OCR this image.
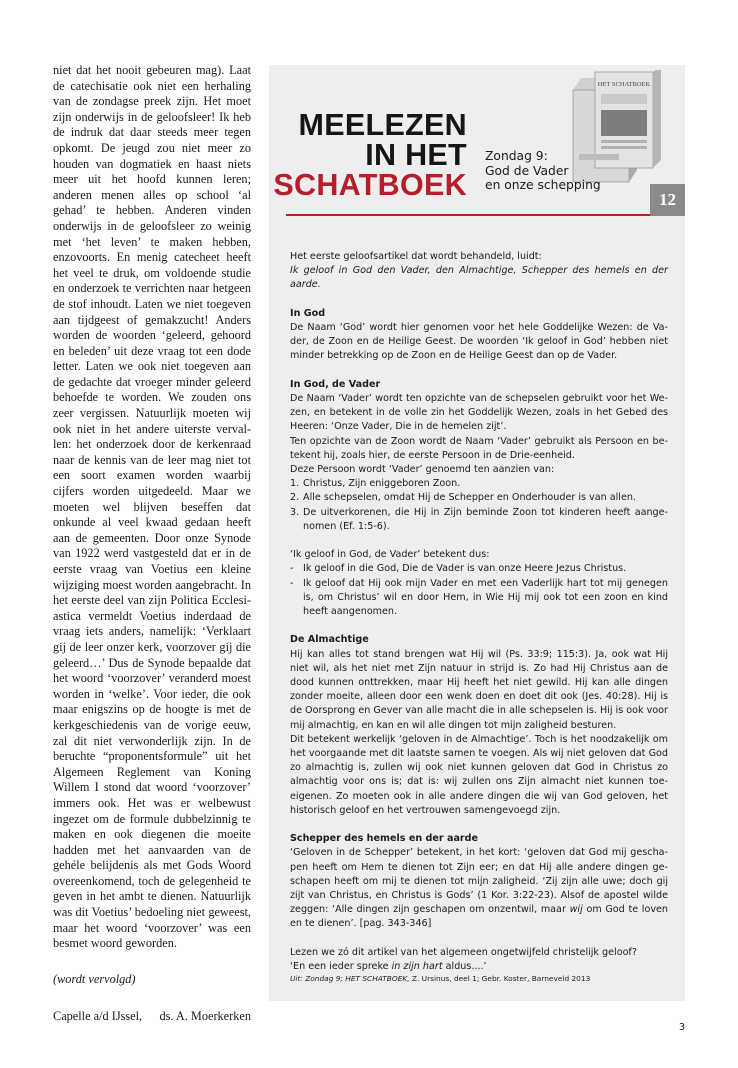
niet dat het nooit gebeuren mag). Laat de catechisatie ook niet een herhaling van de zondagse preek zijn. Het moet zijn onderwijs in de geloofsleer! Ik heb de indruk dat daar steeds meer tegen opkomt. De jeugd zou niet meer zo houden van dogmatiek en haast niets meer uit het hoofd kunnen leren; anderen menen alles op school ‘al gehad’ te hebben. Anderen vinden onderwijs in de geloofsleer zo weinig met ‘het leven’ te maken hebben, enzovoorts. En menig catecheet heeft het veel te druk, om voldoende studie en onderzoek te verrichten naar hetgeen de stof inhoudt. Laten we niet toegeven aan tijdgeest of gemakzucht! Anders worden de woorden ‘geleerd, gehoord en beleden’ uit deze vraag tot een dode letter. Laten we ook niet toegeven aan de gedachte dat vroeger minder geleerd behoefde te worden. We zouden ons zeer vergissen. Natuurlijk moeten wij ook niet in het andere uiterste vervallen: het onderzoek door de kerkenraad naar de kennis van de leer mag niet tot een soort examen worden waarbij cijfers worden uitgedeeld. Maar we moeten wel blijven beseffen dat onkunde al veel kwaad gedaan heeft aan de gemeenten. Door onze Synode van 1922 werd vastgesteld dat er in de eerste vraag van Voetius een kleine wijziging moest worden aangebracht. In het eerste deel van zijn Politica Ecclesiastica vermeldt Voetius inderdaad de vraag iets anders, namelijk: ‘Verklaart gij de leer onzer kerk, voorzover gij die geleerd…’ Dus de Synode bepaalde dat het woord ‘voorzover’ veranderd moest worden in ‘welke’. Voor ieder, die ook maar enigszins op de hoogte is met de kerkgeschiedenis van de vorige eeuw, zal dit niet verwonderlijk zijn. In de beruchte “proponentsformule” uit het Algemeen Reglement van Koning Willem I stond dat woord ‘voorzover’ immers ook. Het was er welbewust ingezet om de formule dubbelzinnig te maken en ook diegenen die moeite hadden met het aanvaarden van de gehéle belijdenis als met Gods Woord overeenkomend, toch de gelegenheid te geven in het ambt te dienen. Natuurlijk was dit Voetius’ bedoeling niet geweest, maar het woord ‘voorzover’ was een besmet woord geworden.

(wordt vervolgd)

Capelle a/d IJssel, ds. A. Moerkerken
HET SCHATBOEK
MEELEZEN
IN HET
SCHATBOEK
Zondag 9:
God de Vader
en onze schepping
12

Het eerste geloofsartikel dat wordt behandeld, luidt:

Ik geloof in God den Vader, den Almachtige, Schepper des hemels en der aarde.

In God

De Naam ‘God’ wordt hier genomen voor het hele Goddelijke Wezen: de Vader, de Zoon en de Heilige Geest. De woorden ‘Ik geloof in God’ hebben niet minder betrekking op de Zoon en de Heilige Geest dan op de Vader.

In God, de Vader

De Naam ‘Vader’ wordt ten opzichte van de schepselen gebruikt voor het Wezen, en betekent in de volle zin het Goddelijk Wezen, zoals in het Gebed des Heeren: ‘Onze Vader, Die in de hemelen zijt’.

Ten opzichte van de Zoon wordt de Naam ‘Vader’ gebruikt als Persoon en betekent hij, zoals hier, de eerste Persoon in de Drie-eenheid.

Deze Persoon wordt ‘Vader’ genoemd ten aanzien van:

1. Christus, Zijn eniggeboren Zoon.
2. Alle schepselen, omdat Hij de Schepper en Onderhouder is van allen.
3. De uitverkorenen, die Hij in Zijn beminde Zoon tot kinderen heeft aangenomen (Ef. 1:5-6).

‘Ik geloof in God, de Vader’ betekent dus:

- Ik geloof in die God, Die de Vader is van onze Heere Jezus Christus.
- Ik geloof dat Hij ook mijn Vader en met een Vaderlijk hart tot mij genegen is, om Christus’ wil en door Hem, in Wie Hij mij ook tot een zoon en kind heeft aangenomen.
De Almachtige

Hij kan alles tot stand brengen wat Hij wil (Ps. 33:9; 115:3). Ja, ook wat Hij niet wil, als het niet met Zijn natuur in strijd is. Zo had Hij Christus aan de dood kunnen onttrekken, maar Hij heeft het niet gewild. Hij kan alle dingen zonder moeite, alleen door een wenk doen en doet dit ook (Jes. 40:28). Hij is de Oorsprong en Gever van alle macht die in alle schepselen is. Hij is ook voor mij almachtig, en kan en wil alle dingen tot mijn zaligheid besturen.

Dit betekent werkelijk ‘geloven in de Almachtige’. Toch is het noodzakelijk om het voorgaande met dit laatste samen te voegen. Als wij niet geloven dat God zo almachtig is, zullen wij ook niet kunnen geloven dat God in Christus zo almachtig voor ons is; dat is: wij zullen ons Zijn almacht niet kunnen toeeigenen. Zo moeten ook in alle andere dingen die wij van God geloven, het historisch geloof en het vertrouwen samengevoegd zijn.

Schepper des hemels en der aarde

‘Geloven in de Schepper’ betekent, in het kort: ‘geloven dat God mij geschapen heeft om Hem te dienen tot Zijn eer; en dat Hij alle andere dingen geschapen heeft om mij te dienen tot mijn zaligheid. ‘Zij zijn alle uwe; doch gij zijt van Christus, en Christus is Gods’ (1 Kor. 3:22-23). Alsof de apostel wilde zeggen: ‘Alle dingen zijn geschapen om onzentwil, maar wij om God te loven en te dienen’. [pag. 343-346]

Lezen we zó dit artikel van het algemeen ongetwijfeld christelijk geloof?

‘En een ieder spreke in zijn hart aldus....’

Uit: Zondag 9; HET SCHATBOEK, Z. Ursinus, deel 1; Gebr. Koster, Barneveld 2013

3
